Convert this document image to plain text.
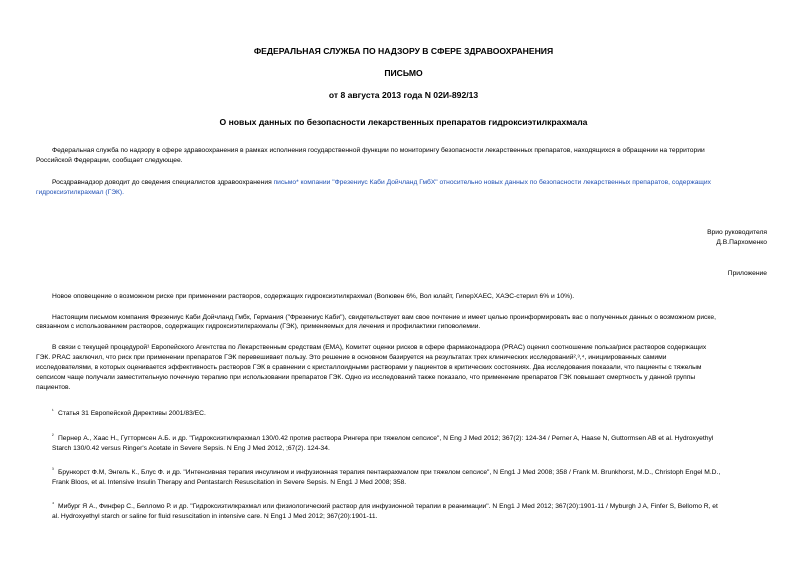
ФЕДЕРАЛЬНАЯ СЛУЖБА ПО НАДЗОРУ В СФЕРЕ ЗДРАВООХРАНЕНИЯ
ПИСЬМО
от 8 августа 2013 года N 02И-892/13
О новых данных по безопасности лекарственных препаратов гидроксиэтилкрахмала
Федеральная служба по надзору в сфере здравоохранения в рамках исполнения государственной функции по мониторингу безопасности лекарственных препаратов, находящихся в обращении на территории
Российской Федерации, сообщает следующее.
Росздравнадзор доводит до сведения специалистов здравоохранения письмо* компании "Фрезениус Каби Дойчланд ГмбХ" относительно новых данных по безопасности лекарственных препаратов, содержащих
гидроксиэтилкрахмал (ГЭК).
Врио руководителя
Д.В.Пархоменко
Приложение
Новое оповещение о возможном риске при применении растворов, содержащих гидроксиэтилкрахмал (Волювен 6%, Вол юлайт, ГиперХАЕС, ХАЭС-стерил 6% и 10%).
Настоящим письмом компания Фрезениус Каби Дойчланд Гмбх, Германия ("Фрезениус Каби"), свидетельствует вам свое почтение и имеет целью проинформировать вас о полученных данных о возможном риске,
связанном с использованием растворов, содержащих гидроксиэтилкрахмалы (ГЭК), применяемых для лечения и профилактики гиповолемии.
В связи с текущей процедурой¹ Европейского Агентства по Лекарственным средствам (ЕМА), Комитет оценки рисков в сфере фармаконадзора (PRAC) оценил соотношение польза/риск растворов содержащих
ГЭК. PRAC заключил, что риск при применении препаратов ГЭК перевешивает пользу. Это решение в основном базируется на результатах трех клинических исследований²,³,⁴, инициированных самими
исследователями, в которых оценивается эффективность растворов ГЭК в сравнении с кристаллоидными растворами у пациентов в критических состояниях. Два исследования показали, что пациенты с тяжелым
сепсисом чаще получали заместительную почечную терапию при использовании препаратов ГЭК. Одно из исследований также показало, что применение препаратов ГЭК повышает смертность у данной группы
пациентов.
¹ Статья 31 Европейской Директивы 2001/83/ЕС.
² Пернер А., Хаас Н., Гуттормсен А.Б. и др. "Гидроксиэтилкрахмал 130/0.42 против раствора Рингера при тяжелом сепсисе", N Eng J Med 2012; 367(2): 124-34 / Perner A, Haase N, Guttormsen AB et al. Hydroxyethyl
Starch 130/0.42 versus Ringer's Acetate in Severe Sepsis. N Eng J Med 2012, ;67(2). 124-34.
³ Брункорст Ф.М, Энгель К., Блус Ф. и др. "Интенсивная терапия инсулином и инфузионная терапия пентакрахмалом при тяжелом сепсисе", N Eng1 J Med 2008; 358 / Frank M. Brunkhorst, M.D., Christoph Engel M.D.,
Frank Bloos, et al. Intensive Insulin Therapy and Pentastarch Resuscitation in Severe Sepsis. N Eng1 J Med 2008; 358.
⁴ Мибург Я А., Финфер С., Белломо Р. и др. "Гидроксиэтилкрахмал или физиологический раствор для инфузионной терапии в реанимации". N Eng1 J Med 2012; 367(20):1901-11 / Myburgh J A, Finfer S, Bellomo R, et
al. Hydroxyethyl starch or saline for fluid resuscitation in intensive care. N Eng1 J Med 2012; 367(20):1901-11.
